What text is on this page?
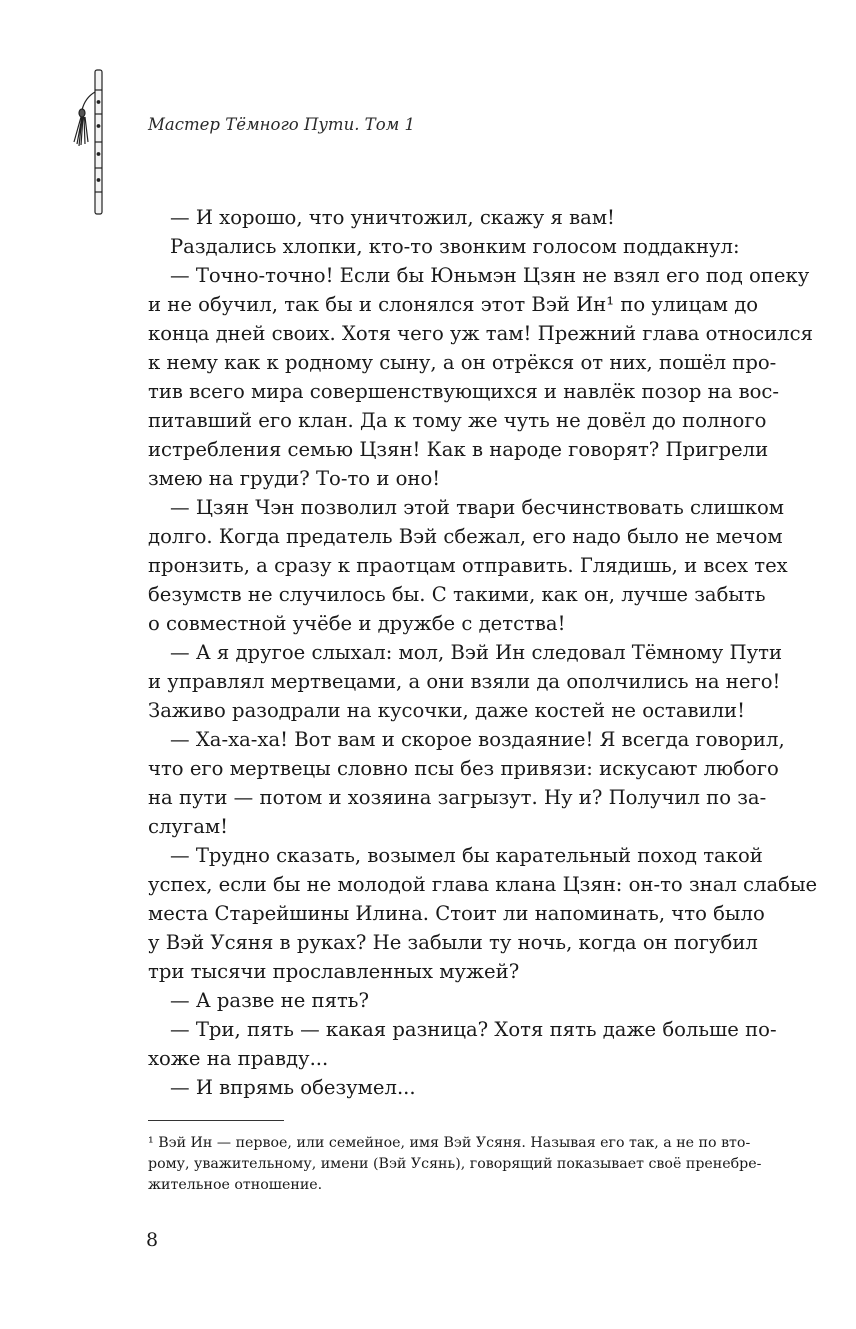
Мастер Тёмного Пути. Том 1
— И хорошо, что уничтожил, скажу я вам!
Раздались хлопки, кто-то звонким голосом поддакнул:
— Точно-точно! Если бы Юньмэн Цзян не взял его под опеку
и не обучил, так бы и слонялся этот Вэй Ин¹ по улицам до
конца дней своих. Хотя чего уж там! Прежний глава относился
к нему как к родному сыну, а он отрёкся от них, пошёл про-
тив всего мира совершенствующихся и навлёк позор на вос-
питавший его клан. Да к тому же чуть не довёл до полного
истребления семью Цзян! Как в народе говорят? Пригрели
змею на груди? То-то и оно!
— Цзян Чэн позволил этой твари бесчинствовать слишком
долго. Когда предатель Вэй сбежал, его надо было не мечом
пронзить, а сразу к праотцам отправить. Глядишь, и всех тех
безумств не случилось бы. С такими, как он, лучше забыть
о совместной учёбе и дружбе с детства!
— А я другое слыхал: мол, Вэй Ин следовал Тёмному Пути
и управлял мертвецами, а они взяли да ополчились на него!
Заживо разодрали на кусочки, даже костей не оставили!
— Ха-ха-ха! Вот вам и скорое воздаяние! Я всегда говорил,
что его мертвецы словно псы без привязи: искусают любого
на пути — потом и хозяина загрызут. Ну и? Получил по за-
слугам!
— Трудно сказать, возымел бы карательный поход такой
успех, если бы не молодой глава клана Цзян: он-то знал слабые
места Старейшины Илина. Стоит ли напоминать, что было
у Вэй Усяня в руках? Не забыли ту ночь, когда он погубил
три тысячи прославленных мужей?
— А разве не пять?
— Три, пять — какая разница? Хотя пять даже больше по-
хоже на правду...
— И впрямь обезумел...
¹ Вэй Ин — первое, или семейное, имя Вэй Усяня. Называя его так, а не по вто-
рому, уважительному, имени (Вэй Усянь), говорящий показывает своё пренебре-
жительное отношение.
8
